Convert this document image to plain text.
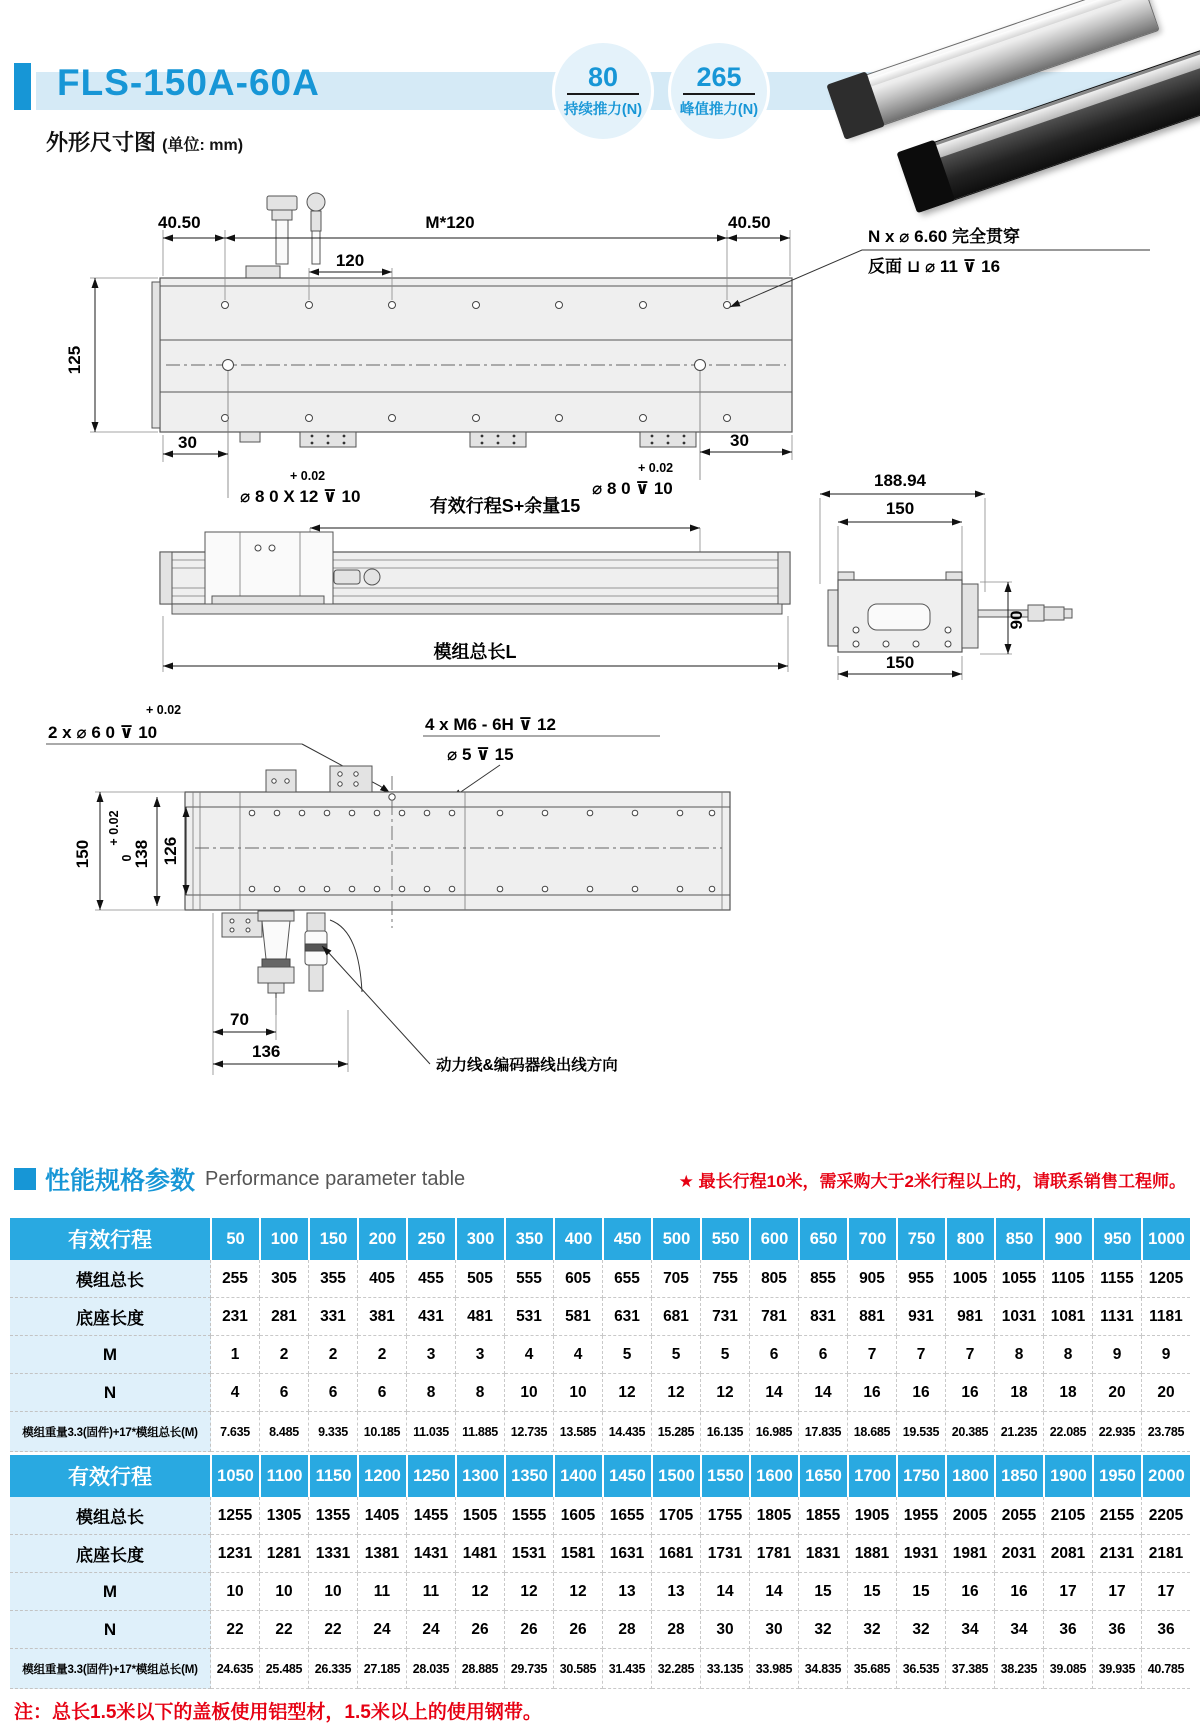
FLS-150A-60A	80
持续推力(N)
265
峰值推力(N)
外形尺寸图 (单位: mm)
40.50	M*120	40.50
120
125
30	30
+ 0.02
⌀ 8 0 X 12 ⊽ 10
+ 0.02
⌀ 8 0 ⊽ 10
N x ⌀ 6.60 完全贯穿
反面 ⊔ ⌀ 11 ⊽ 16
有效行程S+余量15
模组总长L
188.94
150
90
150
+ 0.02
2 x ⌀ 6 0 ⊽ 10	4 x M6 - 6H ⊽ 12
⌀ 5 ⊽ 15
150
+ 0.02
0
138 126
70
136
动力线&编码器线出线方向
性能规格参数 Performance parameter table	★ 最长行程10米，需采购大于2米行程以上的，请联系销售工程师。
有效行程	50	100	150	200	250	300	350	400	450	500	550	600	650	700	750	800	850	900	950	1000
模组总长	255	305	355	405	455	505	555	605	655	705	755	805	855	905	955	1005 1055 1105 1155 1205
底座长度	231	281	331	381	431	481	531	581	631	681	731	781	831	881	931	981	1031 1081 1131 1181
M	1	2	2	2	3	3	4	4	5	5	5	6	6	7	7	7	8	8	9	9
N	4	6	6	6	8	8	10	10	12	12	12	14	14	16	16	16	18	18	20	20
模组重量3.3(固件)+17*模组总长(M)	7.635	8.485	9.335	10.185	11.035	11.885	12.735	13.585	14.435	15.285	16.135	16.985	17.835	18.685	19.535	20.385	21.235	22.085	22.935	23.785
有效行程	1050 1100 1150 1200 1250 1300 1350 1400 1450 1500 1550 1600 1650 1700 1750 1800 1850 1900 1950 2000
模组总长	1255 1305 1355 1405 1455 1505 1555 1605 1655 1705 1755 1805 1855 1905 1955 2005 2055 2105 2155 2205
底座长度	1231 1281 1331 1381 1431 1481 1531 1581 1631 1681 1731 1781 1831 1881 1931 1981 2031 2081 2131 2181
M	10	10	10	11	11	12	12	12	13	13	14	14	15	15	15	16	16	17	17	17
N	22	22	22	24	24	26	26	26	28	28	30	30	32	32	32	34	34	36	36	36
模组重量3.3(固件)+17*模组总长(M)	24.635	25.485	26.335	27.185	28.035	28.885	29.735	30.585	31.435	32.285	33.135	33.985	34.835	35.685	36.535	37.385	38.235	39.085	39.935	40.785
注：总长1.5米以下的盖板使用铝型材，1.5米以上的使用钢带。
